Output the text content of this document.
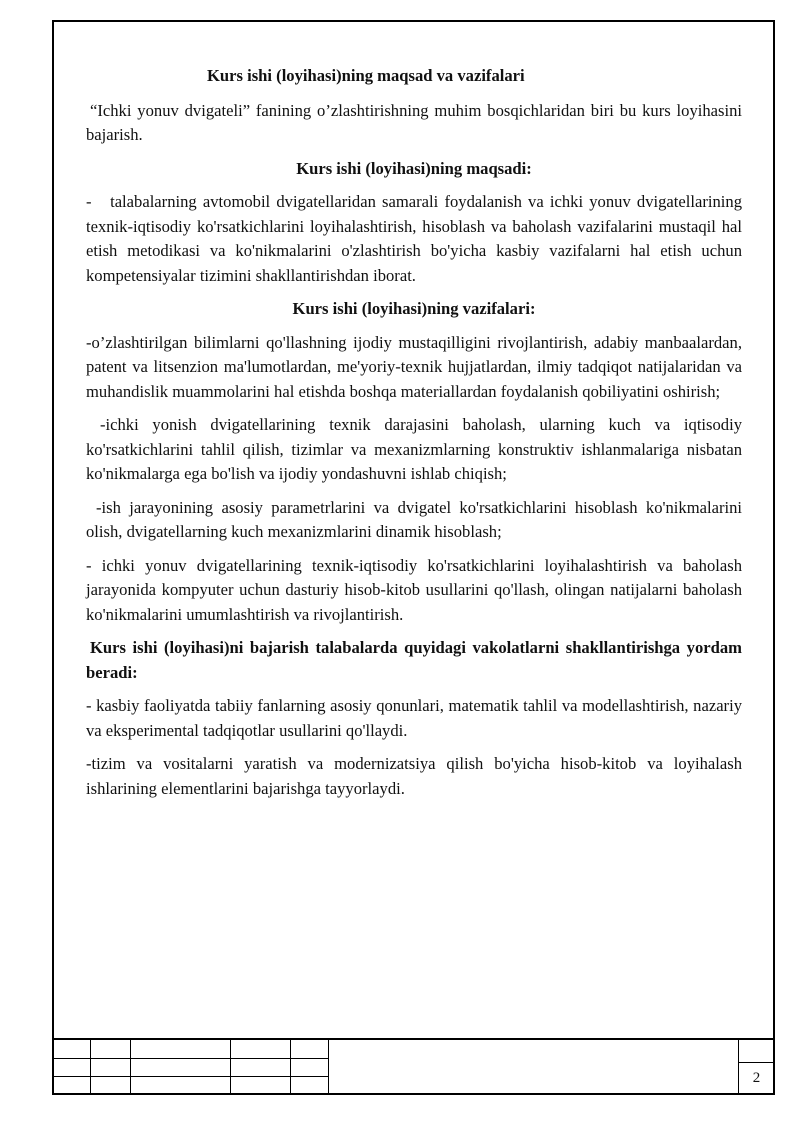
Kurs ishi (loyihasi)ning maqsad va vazifalari
“Ichki yonuv dvigateli” fanining o’zlashtirishning muhim bosqichlaridan biri bu kurs loyihasini bajarish.
Kurs ishi (loyihasi)ning maqsadi:
-   talabalarning avtomobil dvigatellaridan samarali foydalanish va ichki yonuv dvigatellarining texnik-iqtisodiy ko'rsatkichlarini loyihalashtirish, hisoblash va baholash vazifalarini mustaqil hal etish metodikasi va ko'nikmalarini o'zlashtirish bo'yicha kasbiy vazifalarni hal etish uchun kompetensiyalar tizimini shakllantirishdan iborat.
Kurs ishi (loyihasi)ning vazifalari:
-o’zlashtirilgan bilimlarni qo'llashning ijodiy mustaqilligini rivojlantirish, adabiy manbaalardan, patent va litsenzion ma'lumotlardan, me'yoriy-texnik hujjatlardan, ilmiy tadqiqot natijalaridan va muhandislik muammolarini hal etishda boshqa materiallardan foydalanish qobiliyatini oshirish;
-ichki yonish dvigatellarining texnik darajasini baholash, ularning kuch va iqtisodiy ko'rsatkichlarini tahlil qilish, tizimlar va mexanizmlarning konstruktiv ishlanmalariga nisbatan ko'nikmalarga ega bo'lish va ijodiy yondashuvni ishlab chiqish;
-ish jarayonining asosiy parametrlarini va dvigatel ko'rsatkichlarini hisoblash ko'nikmalarini olish, dvigatellarning kuch mexanizmlarini dinamik hisoblash;
- ichki yonuv dvigatellarining texnik-iqtisodiy ko'rsatkichlarini loyihalashtirish va baholash jarayonida kompyuter uchun dasturiy hisob-kitob usullarini qo'llash, olingan natijalarni baholash ko'nikmalarini umumlashtirish va rivojlantirish.
Kurs ishi (loyihasi)ni bajarish talabalarda quyidagi vakolatlarni shakllantirishga yordam beradi:
- kasbiy faoliyatda tabiiy fanlarning asosiy qonunlari, matematik tahlil va modellashtirish, nazariy va eksperimental tadqiqotlar usullarini qo'llaydi.
-tizim va vositalarni yaratish va modernizatsiya qilish bo'yicha hisob-kitob va loyihalash ishlarining elementlarini bajarishga tayyorlaydi.
2
